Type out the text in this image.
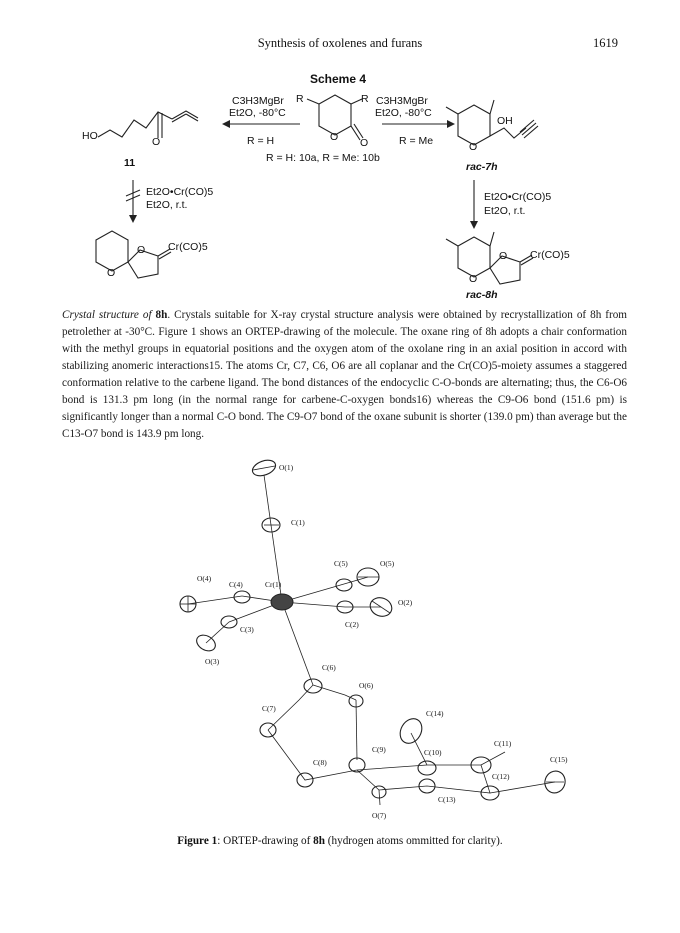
Synthesis of oxolenes and furans	1619
Scheme 4
HO	O
R	R
O O	O
OH
O
O Cr(CO)5
O
O Cr(CO)5
C3H3MgBr
Et2O, -80°C
R = H
C3H3MgBr
Et2O, -80°C
R = Me
R = H: 10a, R = Me: 10b
11	rac-7h
rac-8h
Et2O•Cr(CO)5
Et2O, r.t.
Et2O•Cr(CO)5
Et2O, r.t.
Crystal structure of 8h. Crystals suitable for X-ray crystal structure analysis were obtained by recrystallization of 8h from petrolether at -30°C. Figure 1 shows an ORTEP-drawing of the molecule. The oxane ring of 8h adopts a chair conformation with the methyl groups in equatorial positions and the oxygen atom of the oxolane ring in an axial position in accord with stabilizing anomeric interactions15. The atoms Cr, C7, C6, O6 are all coplanar and the Cr(CO)5-moiety assumes a staggered conformation relative to the carbene ligand. The bond distances of the endocyclic C-O-bonds are alternating; thus, the C6-O6 bond is 131.3 pm long (in the normal range for carbene-C-oxygen bonds16) whereas the C9-O6 bond (151.6 pm) is significantly longer than a normal C-O bond. The C9-O7 bond of the oxane subunit is shorter (139.0 pm) than average but the C13-O7 bond is 143.9 pm long.
O(1)
C(1)
C(5)	O(5)
O(4)
C(4)	Cr(1)
O(2)
C(2)
C(3)
O(3)
C(6)
O(6)
C(7)
C(14)
C(11)
C(9)	C(10)
C(8)	C(15)
C(12)
C(13)
O(7)
Figure 1: ORTEP-drawing of 8h (hydrogen atoms ommitted for clarity).
